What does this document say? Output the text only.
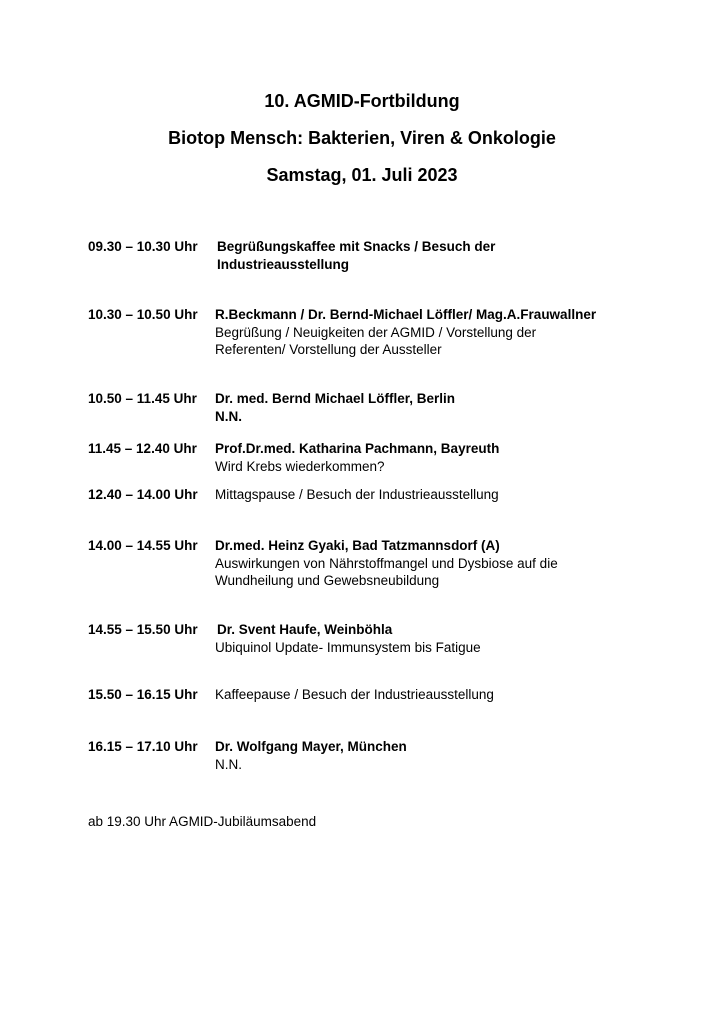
10. AGMID-Fortbildung
Biotop Mensch: Bakterien, Viren & Onkologie
Samstag, 01. Juli 2023
09.30 – 10.30 Uhr Begrüßungskaffee mit Snacks / Besuch der Industrieausstellung
10.30 – 10.50 Uhr R.Beckmann / Dr. Bernd-Michael Löffler/ Mag.A.Frauwallner
Begrüßung / Neuigkeiten der AGMID / Vorstellung der Referenten/ Vorstellung der Aussteller
10.50 – 11.45 Uhr Dr. med. Bernd Michael Löffler, Berlin
N.N.
11.45 – 12.40 Uhr Prof.Dr.med. Katharina Pachmann, Bayreuth
Wird Krebs wiederkommen?
12.40 – 14.00 Uhr Mittagspause / Besuch der Industrieausstellung
14.00 – 14.55 Uhr Dr.med. Heinz Gyaki, Bad Tatzmannsdorf (A)
Auswirkungen von Nährstoffmangel und Dysbiose auf die Wundheilung und Gewebsneubildung
14.55 – 15.50 Uhr Dr. Svent Haufe, Weinböhla
Ubiquinol Update- Immunsystem bis Fatigue
15.50 – 16.15 Uhr Kaffeepause / Besuch der Industrieausstellung
16.15 – 17.10 Uhr Dr. Wolfgang Mayer, München
N.N.
ab 19.30 Uhr AGMID-Jubiläumsabend
